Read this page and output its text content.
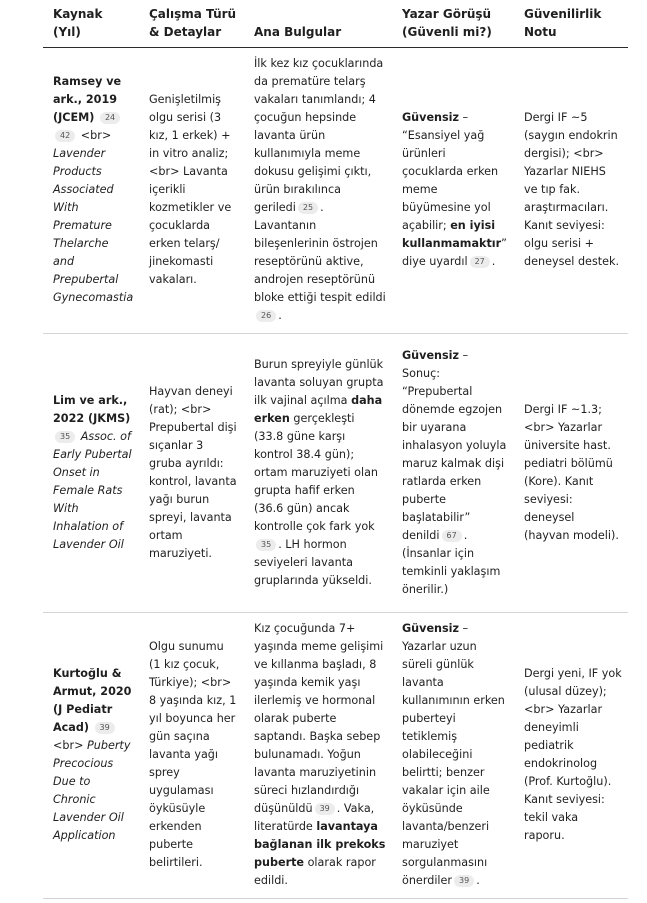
Kaynak (Yıl)	Çalışma Türü & Detaylar	Ana Bulgular	Yazar Görüşü (Güvenli mi?)	Güvenilirlik Notu
Ramsey ve ark., 2019 (JCEM) 24 42 <br> Lavender Products Associated With Premature Thelarche and Prepubertal Gynecomastia	Genişletilmiş olgu serisi (3 kız, 1 erkek) + in vitro analiz; <br> Lavanta içerikli kozmetikler ve çocuklarda erken telarş/ jinekomasti vakaları.	İlk kez kız çocuklarında da prematüre telarş vakaları tanımlandı; 4 çocuğun hepsinde lavanta ürün kullanımıyla meme dokusu gelişimi çıktı, ürün bırakılınca geriledi 25 . Lavantanın bileşenlerinin östrojen reseptörünü aktive, androjen reseptörünü bloke ettiği tespit edildi26 .	Güvensiz – “Esansiyel yağ ürünleri çocuklarda erken meme büyümesine yol açabilir; en iyisi kullanmamaktır” diye uyardıl 27 .	Dergi IF ~5 (saygın endokrin dergisi); <br> Yazarlar NIEHS ve tıp fak. araştırmacıları. Kanıt seviyesi: olgu serisi + deneysel destek.
Lim ve ark., 2022 (JKMS) 35 Assoc. of Early Pubertal Onset in Female Rats With Inhalation of Lavender Oil	Hayvan deneyi (rat); <br> Prepubertal dişi sıçanlar 3 gruba ayrıldı: kontrol, lavanta yağı burun spreyi, lavanta ortam maruziyeti.	Burun spreyiyle günlük lavanta soluyan grupta ilk vajinal açılma daha erken gerçekleşti (33.8 güne karşı kontrol 38.4 gün); ortam maruziyeti olan grupta hafif erken (36.6 gün) ancak kontrolle çok fark yok35 . LH hormon seviyeleri lavanta gruplarında yükseldi.	Güvensiz – Sonuç: “Prepubertal dönemde egzojen bir uyarana inhalasyon yoluyla maruz kalmak dişi ratlarda erken puberte başlatabilir” denildi 67 . (İnsanlar için temkinli yaklaşım önerilir.)	Dergi IF ~1.3; <br> Yazarlar üniversite hast. pediatri bölümü (Kore). Kanıt seviyesi: deneysel (hayvan modeli).
Kurtoğlu & Armut, 2020 (J Pediatr Acad) 39 <br> Puberty Precocious Due to Chronic Lavender Oil Application	Olgu sunumu (1 kız çocuk, Türkiye); <br> 8 yaşında kız, 1 yıl boyunca her gün saçına lavanta yağı sprey uygulaması öyküsüyle erkenden puberte belirtileri.	Kız çocuğunda 7+ yaşında meme gelişimi ve kıllanma başladı, 8 yaşında kemik yaşı ilerlemiş ve hormonal olarak puberte saptandı. Başka sebep bulunamadı. Yoğun lavanta maruziyetinin süreci hızlandırdığı düşünüldü 39 . Vaka, literatürde lavantaya bağlanan ilk prekoks puberte olarak rapor edildi.	Güvensiz – Yazarlar uzun süreli günlük lavanta kullanımının erken puberteyi tetiklemiş olabileceğini belirtti; benzer vakalar için aile öyküsünde lavanta/benzeri maruziyet sorgulanmasını önerdiler 39 .	Dergi yeni, IF yok (ulusal düzey); <br> Yazarlar deneyimli pediatrik endokrinolog (Prof. Kurtoğlu). Kanıt seviyesi: tekil vaka raporu.
